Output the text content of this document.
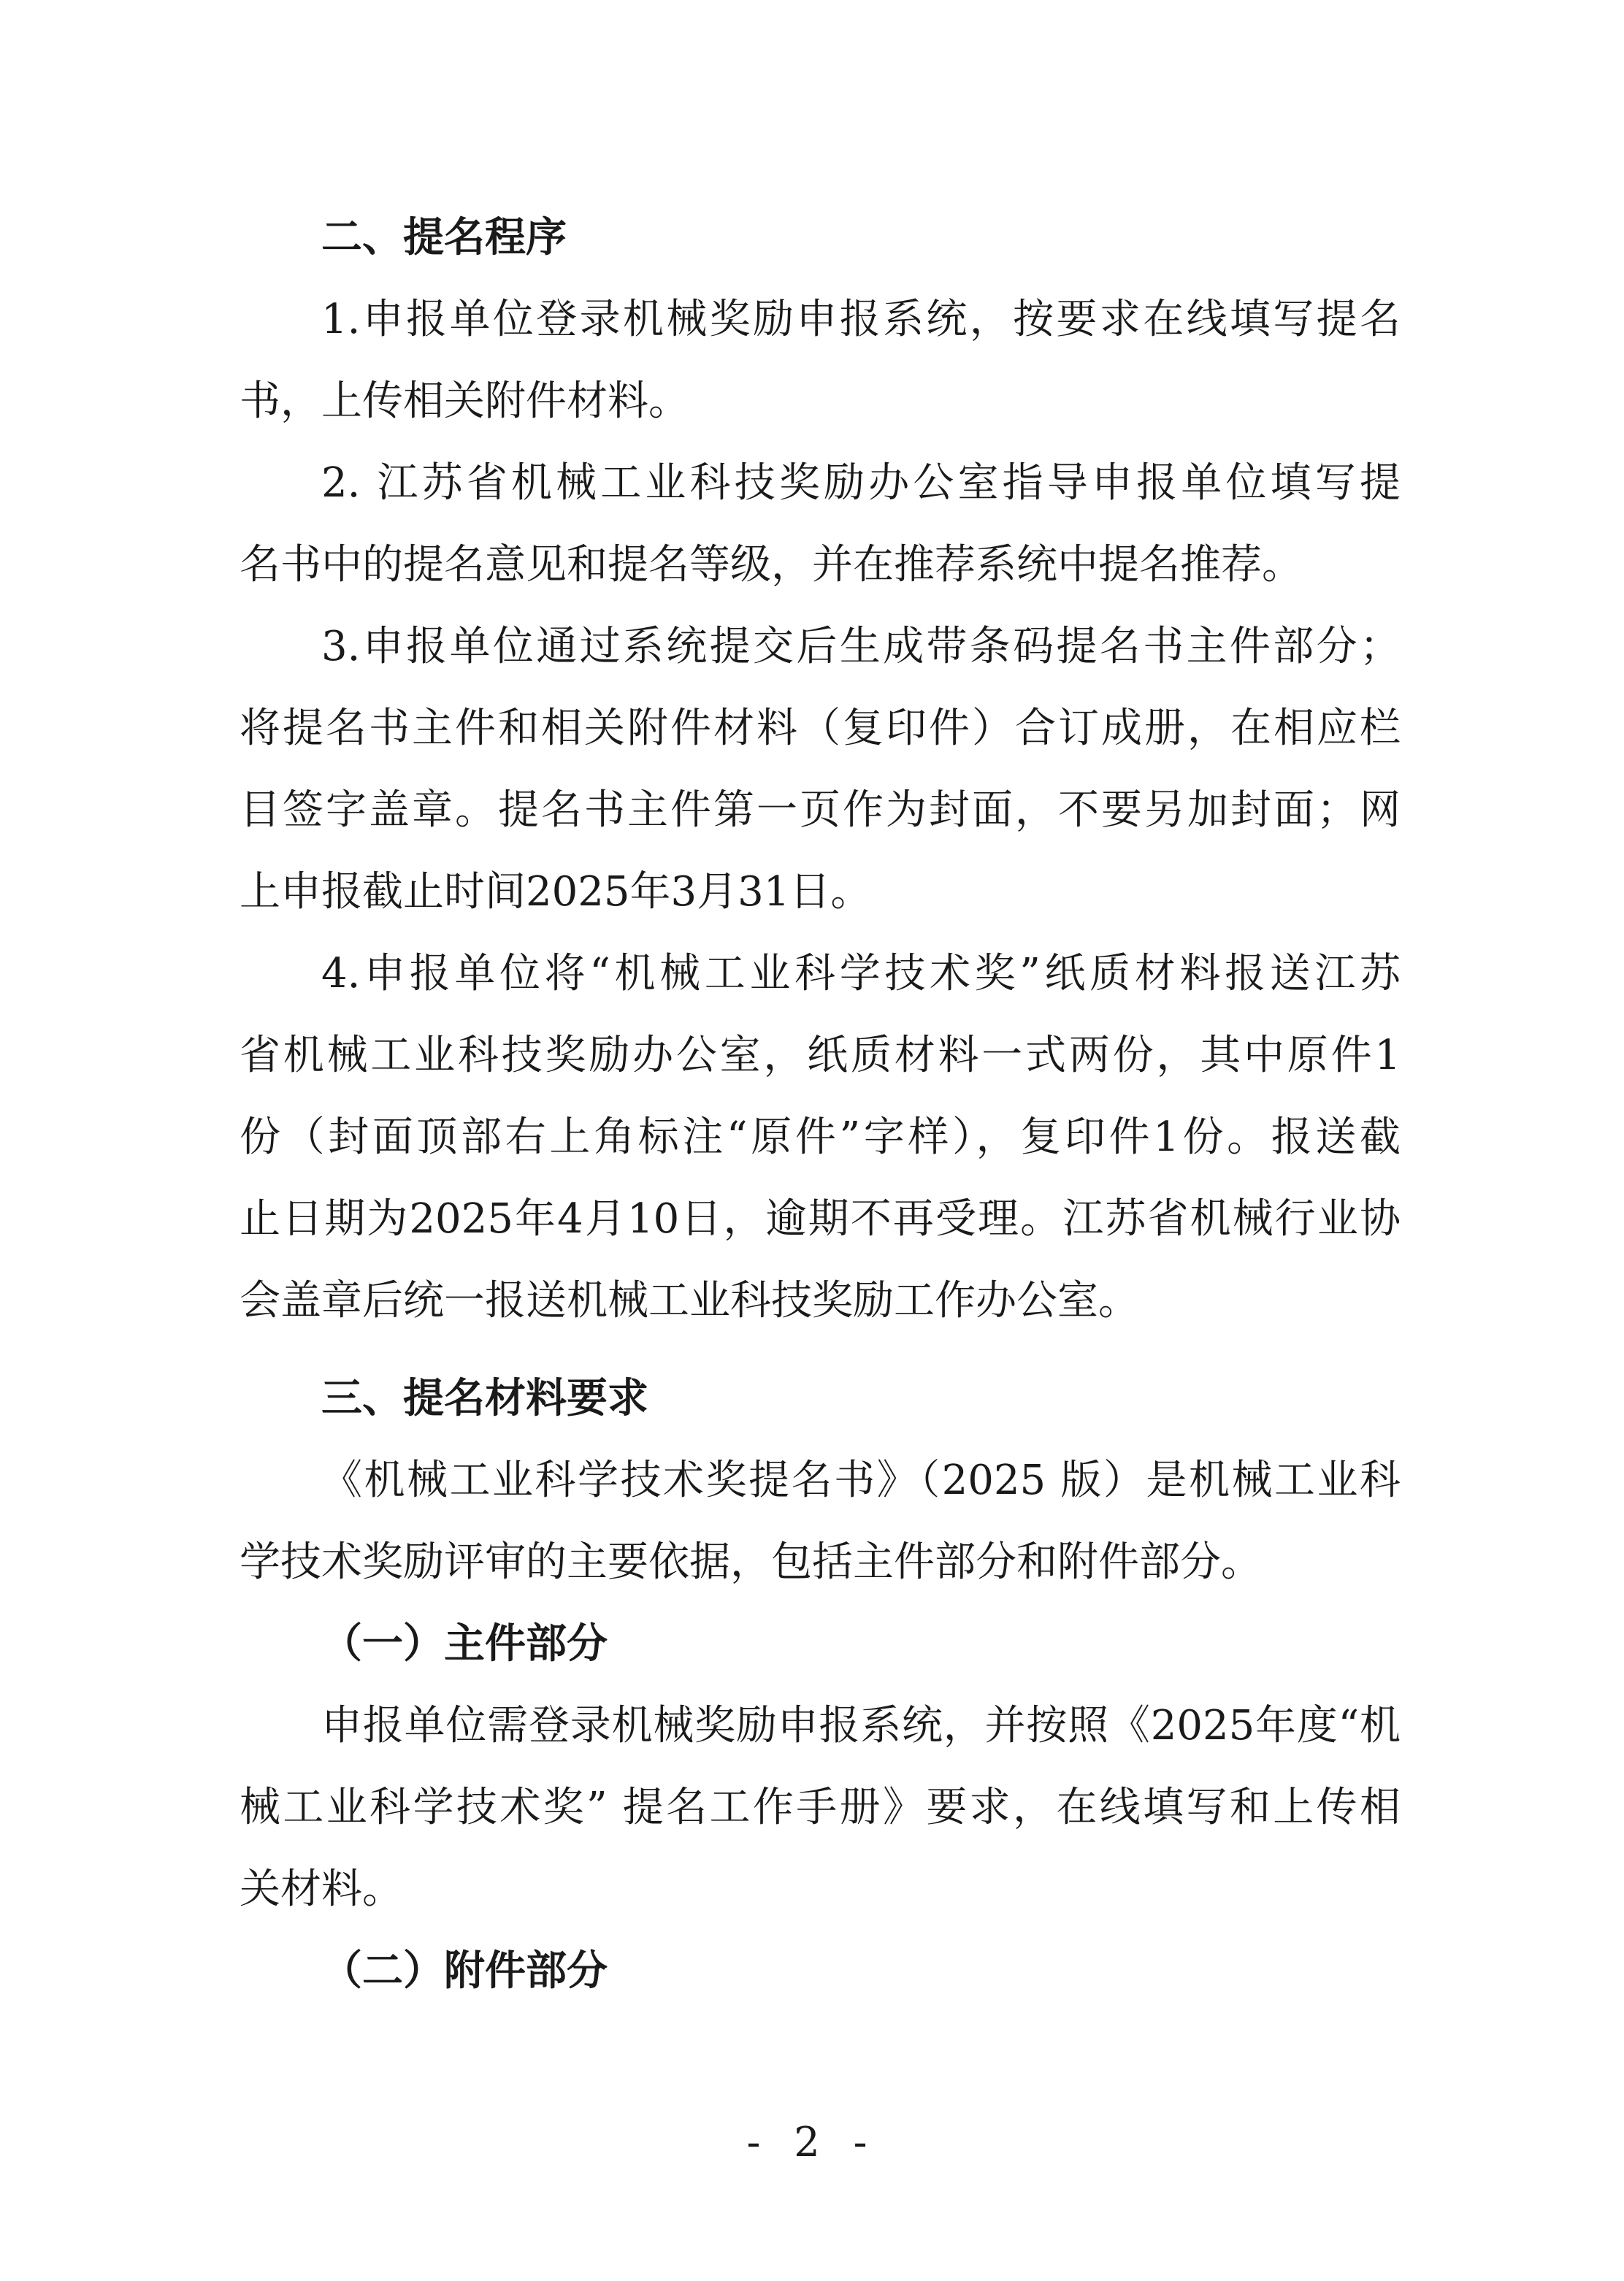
二、提名程序
1.申报单位登录机械奖励申报系统，按要求在线填写提名
书，上传相关附件材料。
2. 江苏省机械工业科技奖励办公室指导申报单位填写提
名书中的提名意见和提名等级，并在推荐系统中提名推荐。
3.申报单位通过系统提交后生成带条码提名书主件部分；
将提名书主件和相关附件材料（复印件）合订成册，在相应栏
目签字盖章。提名书主件第一页作为封面，不要另加封面；网
上申报截止时间2025年3月31日。
4.申报单位将“机械工业科学技术奖”纸质材料报送江苏
省机械工业科技奖励办公室，纸质材料一式两份，其中原件1
份（封面顶部右上角标注“原件”字样），复印件1份。报送截
止日期为2025年4月10日，逾期不再受理。江苏省机械行业协
会盖章后统一报送机械工业科技奖励工作办公室。
三、提名材料要求
《机械工业科学技术奖提名书》（2025 版）是机械工业科
学技术奖励评审的主要依据，包括主件部分和附件部分。
（一）主件部分
申报单位需登录机械奖励申报系统，并按照《2025年度“机
械工业科学技术奖” 提名工作手册》要求，在线填写和上传相
关材料。
（二）附件部分
- 2 -
